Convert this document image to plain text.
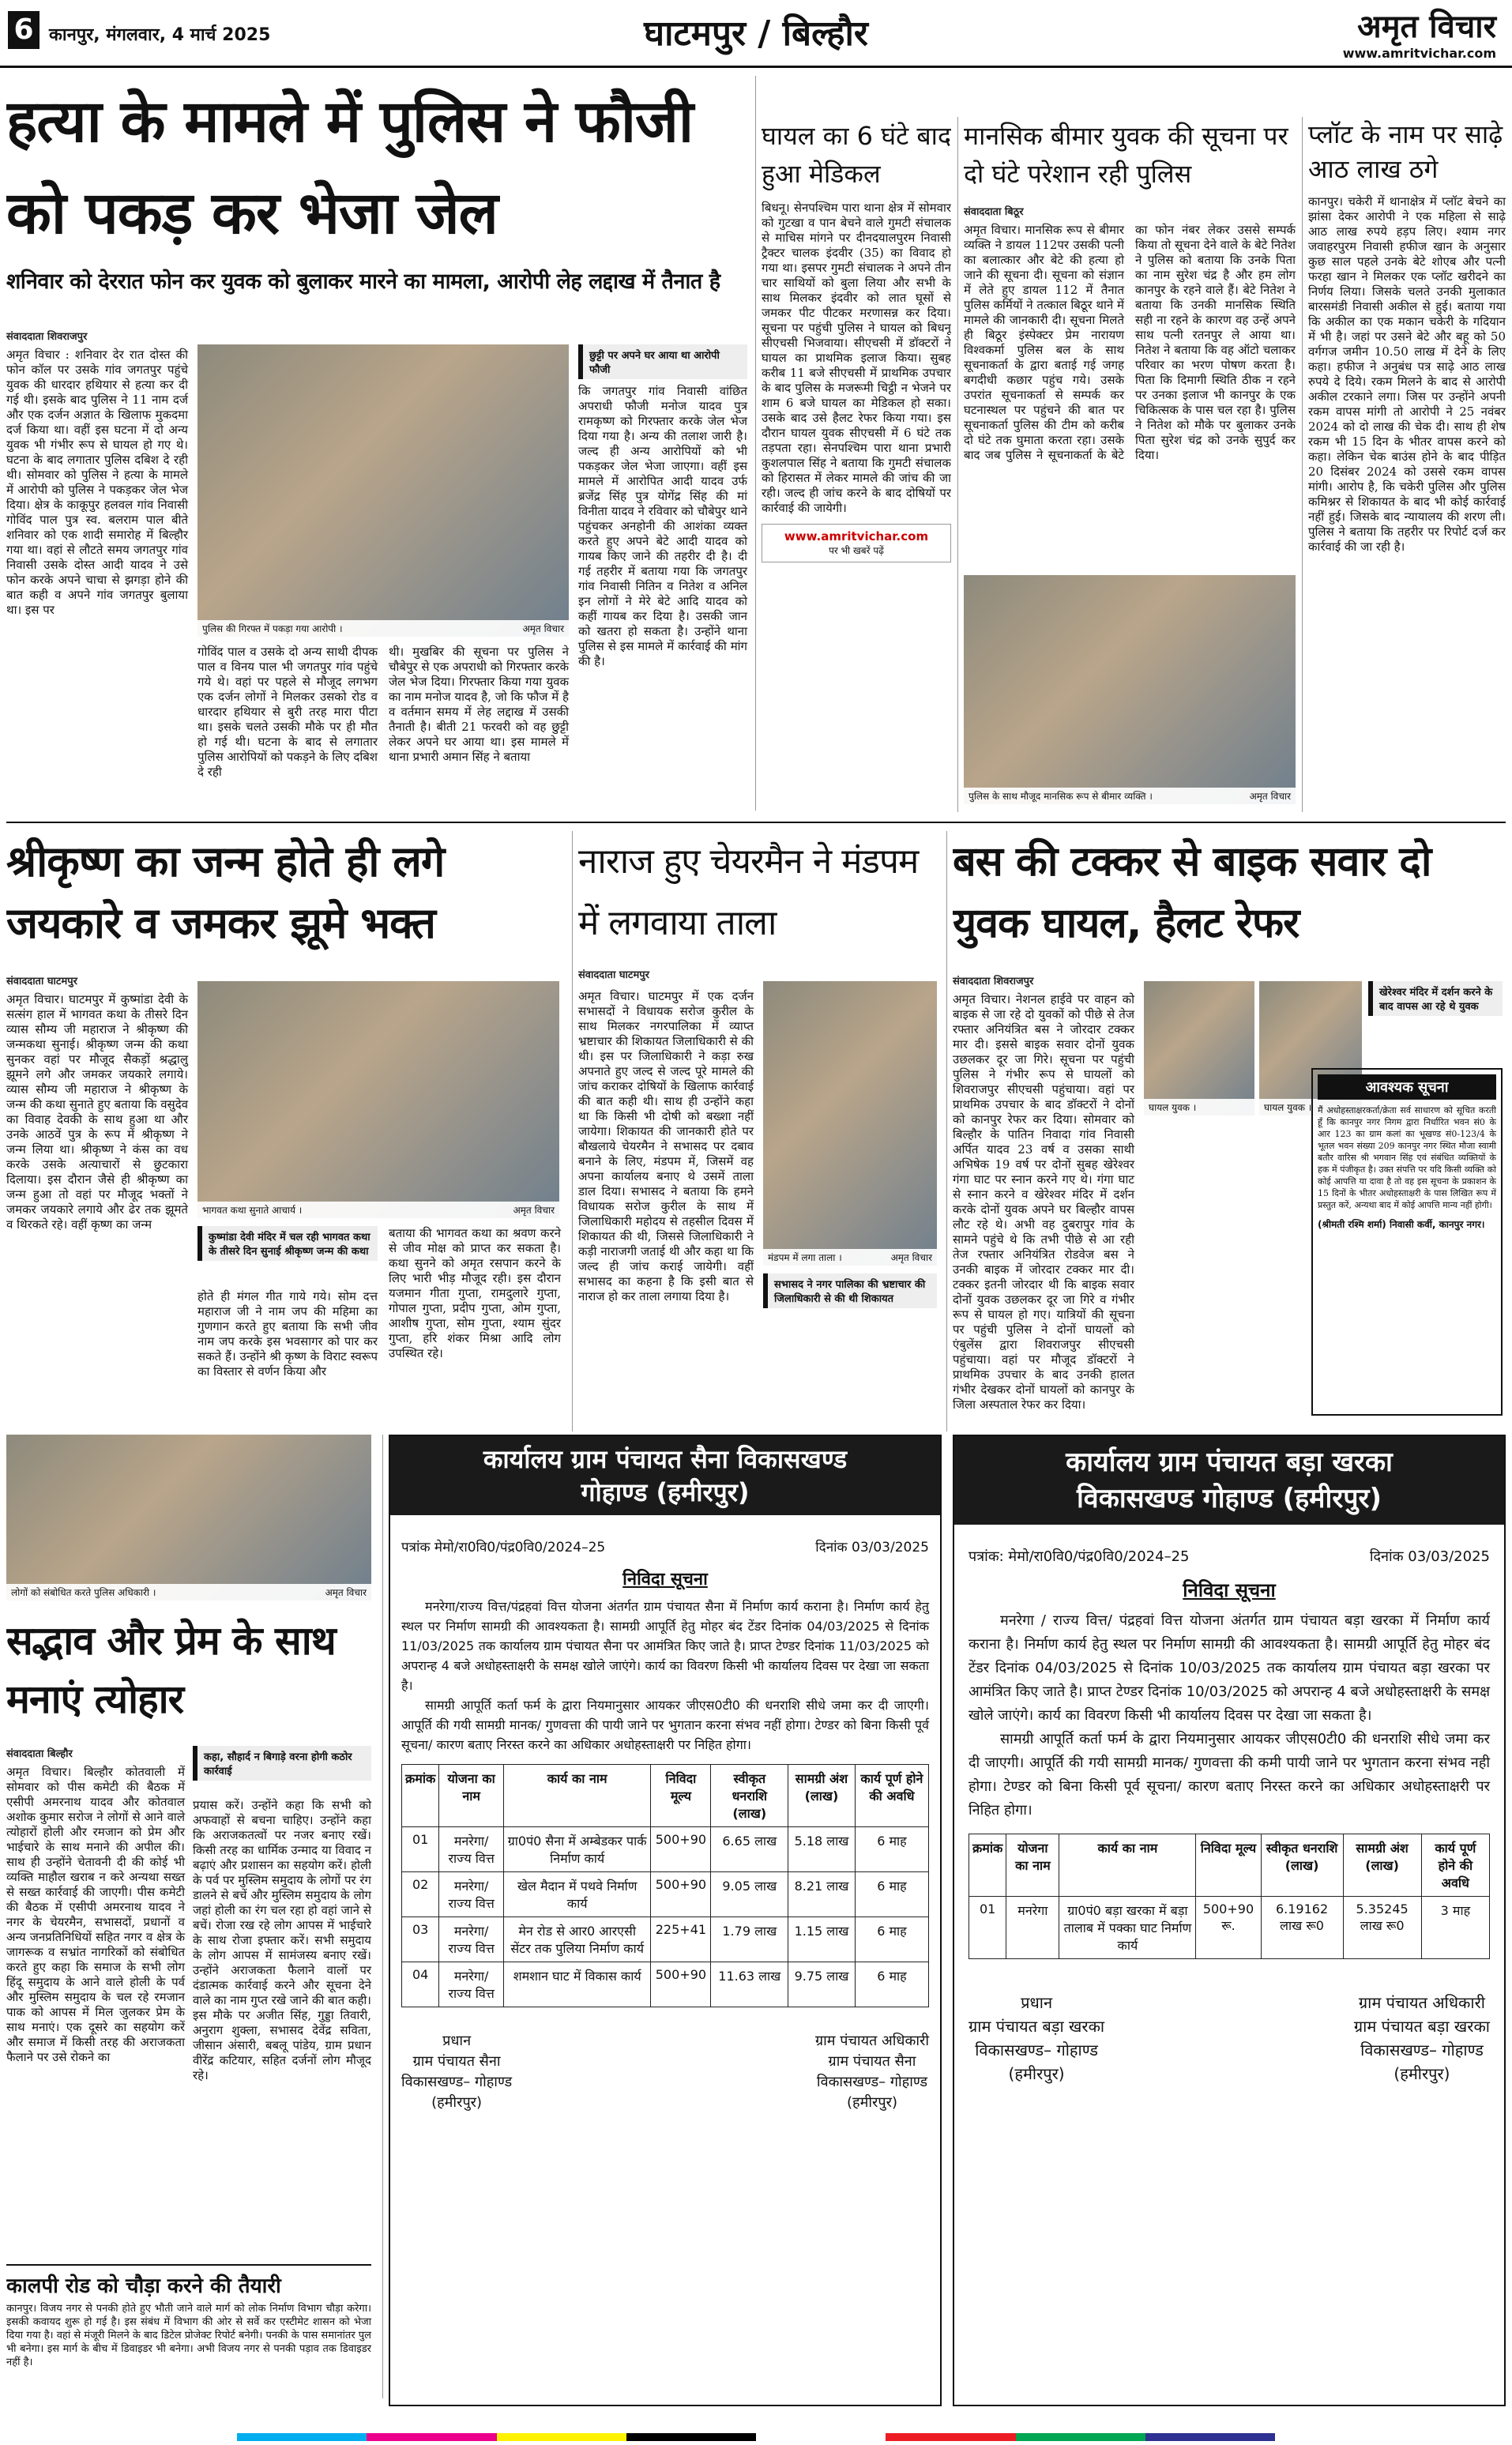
6 कानपुर, मंगलवार, 4 मार्च 2025	घाटमपुर / बिल्हौर	अमृत विचार
www.amritvichar.com
हत्या के मामले में पुलिस ने फौजी को पकड़ कर भेजा जेल
शनिवार को देररात फोन कर युवक को बुलाकर मारने का मामला, आरोपी लेह लद्दाख में तैनात है
संवाददाता शिवराजपुर
अमृत विचार : शनिवार देर रात दोस्त की फोन कॉल पर उसके गांव जगतपुर पहुंचे युवक की धारदार हथियार से हत्या कर दी गई थी। इसके बाद पुलिस ने 11 नाम दर्ज और एक दर्जन अज्ञात के खिलाफ मुकदमा दर्ज किया था। वहीं इस घटना में दो अन्य युवक भी गंभीर रूप से घायल हो गए थे। घटना के बाद लगातार पुलिस दबिश दे रही थी। सोमवार को पुलिस ने हत्या के मामले में आरोपी को पुलिस ने पकड़कर जेल भेज दिया। क्षेत्र के काकूपुर हलवल गांव निवासी गोविंद पाल पुत्र स्व. बलराम पाल बीते शनिवार को एक शादी समारोह में बिल्हौर गया था। वहां से लौटते समय जगतपुर गांव निवासी उसके दोस्त आदी यादव ने उसे फोन करके अपने चाचा से झगड़ा होने की बात कही व अपने गांव जगतपुर बुलाया था। इस पर
पुलिस की गिरफ्त में पकड़ा गया आरोपी ।	अमृत विचार
गोविंद पाल व उसके दो अन्य साथी दीपक पाल व विनय पाल भी जगतपुर गांव पहुंचे गये थे। वहां पर पहले से मौजूद लगभग एक दर्जन लोगों ने मिलकर उसको रोड व धारदार हथियार से बुरी तरह मारा पीटा था। इसके चलते उसकी मौके पर ही मौत हो गई थी। घटना के बाद से लगातार पुलिस आरोपियों को पकड़ने के लिए दबिश दे रही
थी। मुखबिर की सूचना पर पुलिस ने चौबेपुर से एक अपराधी को गिरफ्तार करके जेल भेज दिया। गिरफ्तार किया गया युवक का नाम मनोज यादव है, जो कि फौज में है व वर्तमान समय में लेह लद्दाख में उसकी तैनाती है। बीती 21 फरवरी को वह छुट्टी लेकर अपने घर आया था। इस मामले में थाना प्रभारी अमान सिंह ने बताया
छुट्टी पर अपने घर आया था आरोपी फौजी
कि जगतपुर गांव निवासी वांछित अपराधी फौजी मनोज यादव पुत्र रामकृष्ण को गिरफ्तार करके जेल भेज दिया गया है। अन्य की तलाश जारी है। जल्द ही अन्य आरोपियों को भी पकड़कर जेल भेजा जाएगा। वहीं इस मामले में आरोपित आदी यादव उर्फ ब्रजेंद्र सिंह पुत्र योगेंद्र सिंह की मां विनीता यादव ने रविवार को चौबेपुर थाने पहुंचकर अनहोनी की आशंका व्यक्त करते हुए अपने बेटे आदी यादव को गायब किए जाने की तहरीर दी है। दी गई तहरीर में बताया गया कि जगतपुर गांव निवासी नितिन व नितेश व अनिल इन लोगों ने मेरे बेटे आदि यादव को कहीं गायब कर दिया है। उसकी जान को खतरा हो सकता है। उन्होंने थाना पुलिस से इस मामले में कार्रवाई की मांग की है।
घायल का 6 घंटे बाद हुआ मेडिकल
बिधनू। सेनपश्चिम पारा थाना क्षेत्र में सोमवार को गुटखा व पान बेचने वाले गुमटी संचालक से माचिस मांगने पर दीनदयालपुरम निवासी ट्रैक्टर चालक इंदवीर (35) का विवाद हो गया था। इसपर गुमटी संचालक ने अपने तीन चार साथियों को बुला लिया और सभी के साथ मिलकर इंदवीर को लात घूसों से जमकर पीट पीटकर मरणासन्न कर दिया। सूचना पर पहुंची पुलिस ने घायल को बिधनू सीएचसी भिजवाया। सीएचसी में डॉक्टरों ने घायल का प्राथमिक इलाज किया। सुबह करीब 11 बजे सीएचसी में प्राथमिक उपचार के बाद पुलिस के मजरूमी चिट्ठी न भेजने पर शाम 6 बजे घायल का मेडिकल हो सका। उसके बाद उसे हैलट रेफर किया गया। इस दौरान घायल युवक सीएचसी में 6 घंटे तक तड़पता रहा। सेनपश्चिम पारा थाना प्रभारी कुशलपाल सिंह ने बताया कि गुमटी संचालक को हिरासत में लेकर मामले की जांच की जा रही। जल्द ही जांच करने के बाद दोषियों पर कार्रवाई की जायेगी।
www.amritvichar.com
पर भी खबरें पढ़ें
मानसिक बीमार युवक की सूचना पर दो घंटे परेशान रही पुलिस
संवाददाता बिठूर
अमृत विचार। मानसिक रूप से बीमार व्यक्ति ने डायल 112पर उसकी पत्नी का बलात्कार और बेटे की हत्या हो जाने की सूचना दी। सूचना को संज्ञान में लेते हुए डायल 112 में तैनात पुलिस कर्मियों ने तत्काल बिठूर थाने में मामले की जानकारी दी। सूचना मिलते ही बिठूर इंस्पेक्टर प्रेम नारायण विश्वकर्मा पुलिस बल के साथ सूचनाकर्ता के द्वारा बताई गई जगह बगदीधी कछार पहुंच गये। उसके उपरांत सूचनाकर्ता से सम्पर्क कर घटनास्थल पर पहुंचने की बात पर सूचनाकर्ता पुलिस की टीम को करीब दो घंटे तक घुमाता करता रहा। उसके बाद जब पुलिस ने सूचनाकर्ता के बेटे का फोन नंबर लेकर उससे सम्पर्क किया तो सूचना देने वाले के बेटे नितेश ने पुलिस को बताया कि उनके पिता का नाम सुरेश चंद्र है और हम लोग कानपुर के रहने वाले हैं। बेटे नितेश ने बताया कि उनकी मानसिक स्थिति सही ना रहने के कारण वह उन्हें अपने साथ पत्नी रतनपुर ले आया था। नितेश ने बताया कि वह ऑटो चलाकर परिवार का भरण पोषण करता है। पिता कि दिमागी स्थिति ठीक न रहने पर उनका इलाज भी कानपुर के एक चिकित्सक के पास चल रहा है। पुलिस ने नितेश को मौके पर बुलाकर उनके पिता सुरेश चंद्र को उनके सुपुर्द कर दिया।
पुलिस के साथ मौजूद मानसिक रूप से बीमार व्यक्ति ।	अमृत विचार
प्लॉट के नाम पर साढ़े आठ लाख ठगे
कानपुर। चकेरी में थानाक्षेत्र में प्लॉट बेचने का झांसा देकर आरोपी ने एक महिला से साढ़े आठ लाख रुपये हड़प लिए। श्याम नगर जवाहरपुरम निवासी हफीज खान के अनुसार कुछ साल पहले उनके बेटे शोएब और पत्नी फरहा खान ने मिलकर एक प्लॉट खरीदने का निर्णय लिया। जिसके चलते उनकी मुलाकात बारसमंडी निवासी अकील से हुई। बताया गया कि अकील का एक मकान चकेरी के गदियान में भी है। जहां पर उसने बेटे और बहू को 50 वर्गगज जमीन 10.50 लाख में देने के लिए कहा। हफीज ने अनुबंध पत्र साढ़े आठ लाख रुपये दे दिये। रकम मिलने के बाद से आरोपी अकील टरकाने लगा। जिस पर उन्होंने अपनी रकम वापस मांगी तो आरोपी ने 25 नवंबर 2024 को दो लाख की चेक दी। साथ ही शेष रकम भी 15 दिन के भीतर वापस करने को कहा। लेकिन चेक बाउंस होने के बाद पीड़ित 20 दिसंबर 2024 को उससे रकम वापस मांगी। आरोप है, कि चकेरी पुलिस और पुलिस कमिश्नर से शिकायत के बाद भी कोई कार्रवाई नहीं हुई। जिसके बाद न्यायालय की शरण ली। पुलिस ने बताया कि तहरीर पर रिपोर्ट दर्ज कर कार्रवाई की जा रही है।
श्रीकृष्ण का जन्म होते ही लगे जयकारे व जमकर झूमे भक्त
संवाददाता घाटमपुर
अमृत विचार। घाटमपुर में कुष्मांडा देवी के सत्संग हाल में भागवत कथा के तीसरे दिन व्यास सौम्य जी महाराज ने श्रीकृष्ण की जन्मकथा सुनाई। श्रीकृष्ण जन्म की कथा सुनकर वहां पर मौजूद सैकड़ों श्रद्धालु झूमने लगे और जमकर जयकारे लगाये। व्यास सौम्य जी महाराज ने श्रीकृष्ण के जन्म की कथा सुनाते हुए बताया कि वसुदेव का विवाह देवकी के साथ हुआ था और उनके आठवें पुत्र के रूप में श्रीकृष्ण ने जन्म लिया था। श्रीकृष्ण ने कंस का वध करके उसके अत्याचारों से छुटकारा दिलाया। इस दौरान जैसे ही श्रीकृष्ण का जन्म हुआ तो वहां पर मौजूद भक्तों ने जमकर जयकारे लगाये और ढेर तक झूमते व थिरकते रहे। वहीं कृष्ण का जन्म
भागवत कथा सुनाते आचार्य ।	अमृत विचार
कुष्मांडा देवी मंदिर में चल रही भागवत कथा के तीसरे दिन सुनाई श्रीकृष्ण जन्म की कथा
होते ही मंगल गीत गाये गये। सोम दत्त महाराज जी ने नाम जप की महिमा का गुणगान करते हुए बताया कि सभी जीव नाम जप करके इस भवसागर को पार कर सकते हैं। उन्होंने श्री कृष्ण के विराट स्वरूप का विस्तार से वर्णन किया और
बताया की भागवत कथा का श्रवण करने से जीव मोक्ष को प्राप्त कर सकता है। कथा सुनने को अमृत रसपान करने के लिए भारी भीड़ मौजूद रही। इस दौरान यजमान गीता गुप्ता, रामदुलारे गुप्ता, गोपाल गुप्ता, प्रदीप गुप्ता, ओम गुप्ता, आशीष गुप्ता, सोम गुप्ता, श्याम सुंदर गुप्ता, हरि शंकर मिश्रा आदि लोग उपस्थित रहे।
नाराज हुए चेयरमैन ने मंडपम में लगवाया ताला
संवाददाता घाटमपुर
अमृत विचार। घाटमपुर में एक दर्जन सभासदों ने विधायक सरोज कुरील के साथ मिलकर नगरपालिका में व्याप्त भ्रष्टाचार की शिकायत जिलाधिकारी से की थी। इस पर जिलाधिकारी ने कड़ा रुख अपनाते हुए जल्द से जल्द पूरे मामले की जांच कराकर दोषियों के खिलाफ कार्रवाई की बात कही थी। साथ ही उन्होंने कहा था कि किसी भी दोषी को बख्शा नहीं जायेगा। शिकायत की जानकारी होते पर बौखलाये चेयरमैन ने सभासद पर दबाव बनाने के लिए, मंडपम में, जिसमें वह अपना कार्यालय बनाए थे उसमें ताला डाल दिया। सभासद ने बताया कि हमने विधायक सरोज कुरील के साथ में जिलाधिकारी महोदय से तहसील दिवस में शिकायत की थी, जिससे जिलाधिकारी ने कड़ी नाराजगी जताई थी और कहा था कि जल्द ही जांच कराई जायेगी। वहीं सभासद का कहना है कि इसी बात से नाराज हो कर ताला लगाया दिया है।
मंडपम में लगा ताला ।	अमृत विचार
सभासद ने नगर पालिका की भ्रष्टाचार की जिलाधिकारी से की थी शिकायत
बस की टक्कर से बाइक सवार दो युवक घायल, हैलट रेफर
संवाददाता शिवराजपुर
अमृत विचार। नेशनल हाईवे पर वाहन को बाइक से जा रहे दो युवकों को पीछे से तेज रफ्तार अनियंत्रित बस ने जोरदार टक्कर मार दी। इससे बाइक सवार दोनों युवक उछलकर दूर जा गिरे। सूचना पर पहुंची पुलिस ने गंभीर रूप से घायलों को शिवराजपुर सीएचसी पहुंचाया। वहां पर प्राथमिक उपचार के बाद डॉक्टरों ने दोनों को कानपुर रेफर कर दिया। सोमवार को बिल्हौर के पातिन निवादा गांव निवासी अर्पित यादव 23 वर्ष व उसका साथी अभिषेक 19 वर्ष पर दोनों सुबह खेरेश्वर गंगा घाट पर स्नान करने गए थे। गंगा घाट से स्नान करने व खेरेश्वर मंदिर में दर्शन करके दोनों युवक अपने घर बिल्हौर वापस लौट रहे थे। अभी वह दुबरापुर गांव के सामने पहुंचे थे कि तभी पीछे से आ रही तेज रफ्तार अनियंत्रित रोडवेज बस ने उनकी बाइक में जोरदार टक्कर मार दी। टक्कर इतनी जोरदार थी कि बाइक सवार दोनों युवक उछलकर दूर जा गिरे व गंभीर रूप से घायल हो गए। यात्रियों की सूचना पर पहुंची पुलिस ने दोनों घायलों को एंबुलेंस द्वारा शिवराजपुर सीएचसी पहुंचाया। वहां पर मौजूद डॉक्टरों ने प्राथमिक उपचार के बाद उनकी हालत गंभीर देखकर दोनों घायलों को कानपुर के जिला अस्पताल रेफर कर दिया।
घायल युवक ।	घायल युवक ।
खेरेश्वर मंदिर में दर्शन करने के बाद वापस आ रहे थे युवक
आवश्यक सूचना
मैं अधोहस्ताक्षरकर्ता/क्रेता सर्व साधारण को सूचित करती हूँ कि कानपुर नगर निगम द्वारा निर्धारित भवन सं0 के आर 123 का ग्राम कलां का भूखण्ड सं0-123/4 के भूतल भवन संख्या 209 कानपुर नगर स्थित मौजा स्वामी बतौर वारिस श्री भगवान सिंह एवं संबंधित व्यक्तियों के हक में पंजीकृत है। उक्त संपत्ति पर यदि किसी व्यक्ति को कोई आपत्ति या दावा है तो वह इस सूचना के प्रकाशन के 15 दिनों के भीतर अधोहस्ताक्षरी के पास लिखित रूप में प्रस्तुत करें, अन्यथा बाद में कोई आपत्ति मान्य नहीं होगी।
(श्रीमती रश्मि शर्मा) निवासी कर्वी, कानपुर नगर।
लोगों को संबोधित करते पुलिस अधिकारी ।	अमृत विचार
सद्भाव और प्रेम के साथ मनाएं त्योहार
संवाददाता बिल्हौर
अमृत विचार। बिल्हौर कोतवाली में सोमवार को पीस कमेटी की बैठक में एसीपी अमरनाथ यादव और कोतवाल अशोक कुमार सरोज ने लोगों से आने वाले त्योहारों होली और रमजान को प्रेम और भाईचारे के साथ मनाने की अपील की। साथ ही उन्होंने चेतावनी दी की कोई भी व्यक्ति माहौल खराब न करे अन्यथा सख्त से सख्त कार्रवाई की जाएगी। पीस कमेटी की बैठक में एसीपी अमरनाथ यादव ने नगर के चेयरमैन, सभासदों, प्रधानों व अन्य जनप्रतिनिधियों सहित नगर व क्षेत्र के जागरूक व सभ्रांत नागरिकों को संबोधित करते हुए कहा कि समाज के सभी लोग हिंदू समुदाय के आने वाले होली के पर्व और मुस्लिम समुदाय के चल रहे रमजान पाक को आपस में मिल जुलकर प्रेम के साथ मनाएं। एक दूसरे का सहयोग करें और समाज में किसी तरह की अराजकता फैलाने पर उसे रोकने का
कहा, सौहार्द न बिगाड़े वरना होगी कठोर कार्रवाई
प्रयास करें। उन्होंने कहा कि सभी को अफवाहों से बचना चाहिए। उन्होंने कहा कि अराजकतत्वों पर नजर बनाए रखें। किसी तरह का धार्मिक उन्माद या विवाद न बढ़ाएं और प्रशासन का सहयोग करें। होली के पर्व पर मुस्लिम समुदाय के लोगों पर रंग डालने से बचें और मुस्लिम समुदाय के लोग जहां होली का रंग चल रहा हो वहां जाने से बचें। रोजा रख रहे लोग आपस में भाईचारे के साथ रोजा इफ्तार करें। सभी समुदाय के लोग आपस में सामंजस्य बनाए रखें। उन्होंने अराजकता फैलाने वालों पर दंडात्मक कार्रवाई करने और सूचना देने वाले का नाम गुप्त रखे जाने की बात कही। इस मौके पर अजीत सिंह, गुड्डा तिवारी, अनुराग शुक्ला, सभासद देवेंद्र सविता, जीसान अंसारी, बबलू पांडेय, ग्राम प्रधान वीरेंद्र कटियार, सहित दर्जनों लोग मौजूद रहे।
कालपी रोड को चौड़ा करने की तैयारी
कानपुर। विजय नगर से पनकी होते हुए भौती जाने वाले मार्ग को लोक निर्माण विभाग चौड़ा करेगा। इसकी कवायद शुरू हो गई है। इस संबंध में विभाग की ओर से सर्वे कर एस्टीमेट शासन को भेजा दिया गया है। वहां से मंजूरी मिलने के बाद डिटेल प्रोजेक्ट रिपोर्ट बनेगी। पनकी के पास समानांतर पुल भी बनेगा। इस मार्ग के बीच में डिवाइडर भी बनेगा। अभी विजय नगर से पनकी पड़ाव तक डिवाइडर नहीं है।
कार्यालय ग्राम पंचायत सैना विकासखण्ड
गोहाण्ड (हमीरपुर)
पत्रांक मेमो/रा0वि0/पंद्र0वि0/2024–25	दिनांक 03/03/2025
निविदा सूचना
मनरेगा/राज्य वित्त/पंद्रहवां वित्त योजना अंतर्गत ग्राम पंचायत सैना में निर्माण कार्य कराना है। निर्माण कार्य हेतु स्थल पर निर्माण सामग्री की आवश्यकता है। सामग्री आपूर्ति हेतु मोहर बंद टेंडर दिनांक 04/03/2025 से दिनांक 11/03/2025 तक कार्यालय ग्राम पंचायत सैना पर आमंत्रित किए जाते है। प्राप्त टेण्डर दिनांक 11/03/2025 को अपरान्ह 4 बजे अधोहस्ताक्षरी के समक्ष खोले जाएंगे। कार्य का विवरण किसी भी कार्यालय दिवस पर देखा जा सकता है।
सामग्री आपूर्ति कर्ता फर्म के द्वारा नियमानुसार आयकर जीएस0टी0 की धनराशि सीधे जमा कर दी जाएगी। आपूर्ति की गयी सामग्री मानक/ गुणवत्ता की पायी जाने पर भुगतान करना संभव नहीं होगा। टेण्डर को बिना किसी पूर्व सूचना/ कारण बताए निरस्त करने का अधिकार अधोहस्ताक्षरी पर निहित होगा।
क्रमांक	योजना का नाम	कार्य का नाम	निविदा मूल्य	स्वीकृत धनराशि (लाख)	सामग्री अंश (लाख)	कार्य पूर्ण होने की अवधि
01	मनरेगा/ राज्य वित्त	ग्रा0पं0 सैना में अम्बेडकर पार्क निर्माण कार्य	500+90	6.65 लाख	5.18 लाख	6 माह
02	मनरेगा/ राज्य वित्त	खेल मैदान में पथवे निर्माण कार्य	500+90	9.05 लाख	8.21 लाख	6 माह
03	मनरेगा/ राज्य वित्त	मेन रोड से आर0 आरएसी सेंटर तक पुलिया निर्माण कार्य	225+41	1.79 लाख	1.15 लाख	6 माह
04	मनरेगा/ राज्य वित्त	शमशान घाट में विकास कार्य	500+90	11.63 लाख	9.75 लाख	6 माह
प्रधान
ग्राम पंचायत सैना
विकासखण्ड– गोहाण्ड
(हमीरपुर)
ग्राम पंचायत अधिकारी
ग्राम पंचायत सैना
विकासखण्ड– गोहाण्ड
(हमीरपुर)
कार्यालय ग्राम पंचायत बड़ा खरका
विकासखण्ड गोहाण्ड (हमीरपुर)
पत्रांक: मेमो/रा0वि0/पंद्र0वि0/2024–25	दिनांक 03/03/2025
निविदा सूचना
मनरेगा / राज्य वित्त/ पंद्रहवां वित्त योजना अंतर्गत ग्राम पंचायत बड़ा खरका में निर्माण कार्य कराना है। निर्माण कार्य हेतु स्थल पर निर्माण सामग्री की आवश्यकता है। सामग्री आपूर्ति हेतु मोहर बंद टेंडर दिनांक 04/03/2025 से दिनांक 10/03/2025 तक कार्यालय ग्राम पंचायत बड़ा खरका पर आमंत्रित किए जाते है। प्राप्त टेण्डर दिनांक 10/03/2025 को अपरान्ह 4 बजे अधोहस्ताक्षरी के समक्ष खोले जाएंगे। कार्य का विवरण किसी भी कार्यालय दिवस पर देखा जा सकता है।
सामग्री आपूर्ति कर्ता फर्म के द्वारा नियमानुसार आयकर जीएस0टी0 की धनराशि सीधे जमा कर दी जाएगी। आपूर्ति की गयी सामग्री मानक/ गुणवत्ता की कमी पायी जाने पर भुगतान करना संभव नही होगा। टेण्डर को बिना किसी पूर्व सूचना/ कारण बताए निरस्त करने का अधिकार अधोहस्ताक्षरी पर निहित होगा।
क्रमांक	योजना का नाम	कार्य का नाम	निविदा मूल्य	स्वीकृत धनराशि (लाख)	सामग्री अंश (लाख)	कार्य पूर्ण होने की अवधि
01	मनरेगा	ग्रा0पं0 बड़ा खरका में बड़ा तालाब में पक्का घाट निर्माण कार्य	500+90 रू.	6.19162 लाख रू0	5.35245 लाख रू0	3 माह
प्रधान
ग्राम पंचायत बड़ा खरका
विकासखण्ड– गोहाण्ड
(हमीरपुर)
ग्राम पंचायत अधिकारी
ग्राम पंचायत बड़ा खरका
विकासखण्ड– गोहाण्ड
(हमीरपुर)
